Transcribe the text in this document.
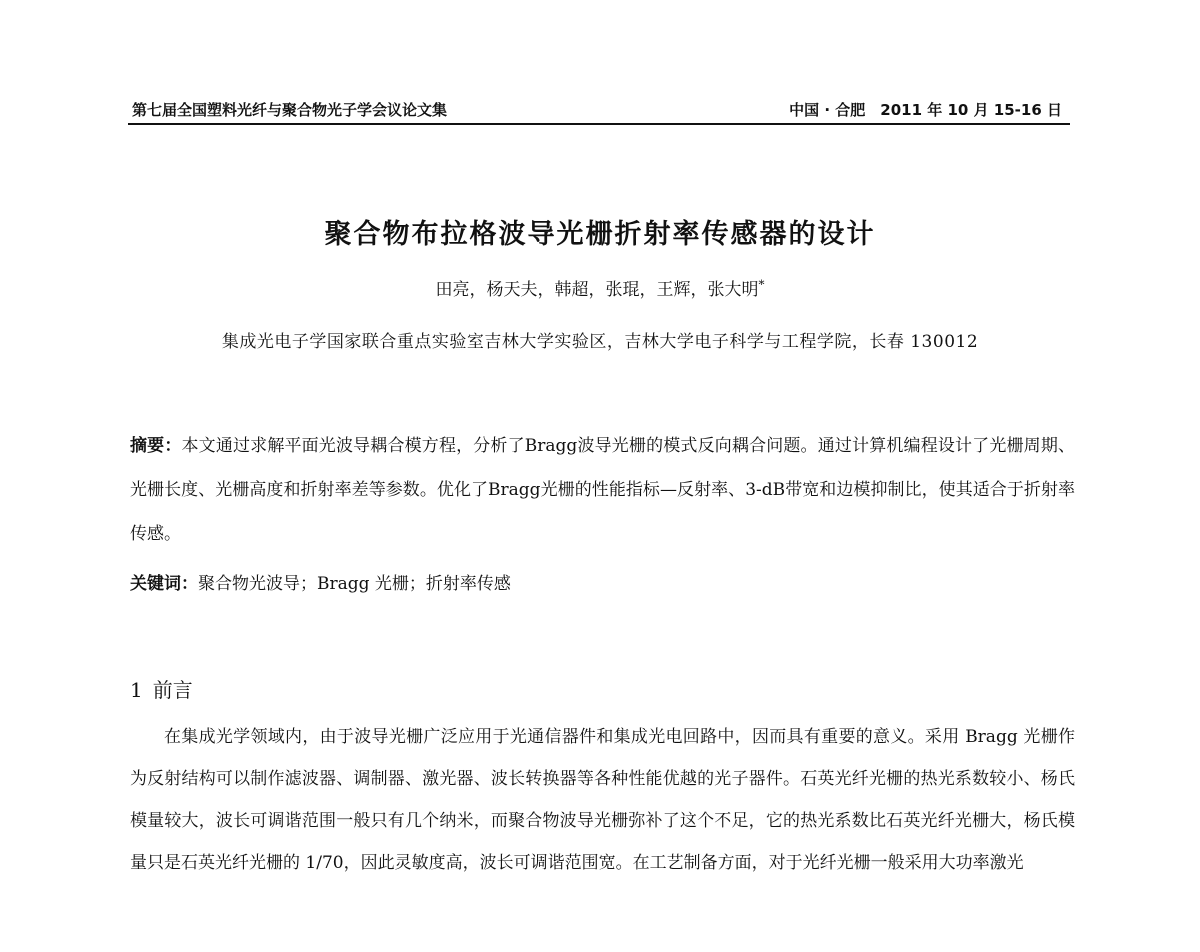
第七届全国塑料光纤与聚合物光子学会议论文集	中国 · 合肥　2011 年 10 月 15-16 日
聚合物布拉格波导光栅折射率传感器的设计
田亮，杨天夫，韩超，张琨，王辉，张大明*
集成光电子学国家联合重点实验室吉林大学实验区，吉林大学电子科学与工程学院，长春 130012
摘要：本文通过求解平面光波导耦合模方程，分析了Bragg波导光栅的模式反向耦合问题。通过计算机编程设计了光栅周期、光栅长度、光栅高度和折射率差等参数。优化了Bragg光栅的性能指标—反射率、3-dB带宽和边模抑制比，使其适合于折射率传感。
关键词：聚合物光波导；Bragg 光栅；折射率传感
1 前言

在集成光学领域内，由于波导光栅广泛应用于光通信器件和集成光电回路中，因而具有重要的意义。采用 Bragg 光栅作为反射结构可以制作滤波器、调制器、激光器、波长转换器等各种性能优越的光子器件。石英光纤光栅的热光系数较小、杨氏模量较大，波长可调谐范围一般只有几个纳米，而聚合物波导光栅弥补了这个不足，它的热光系数比石英光纤光栅大，杨氏模量只是石英光纤光栅的 1/70，因此灵敏度高，波长可调谐范围宽。在工艺制备方面，对于光纤光栅一般采用大功率激光
